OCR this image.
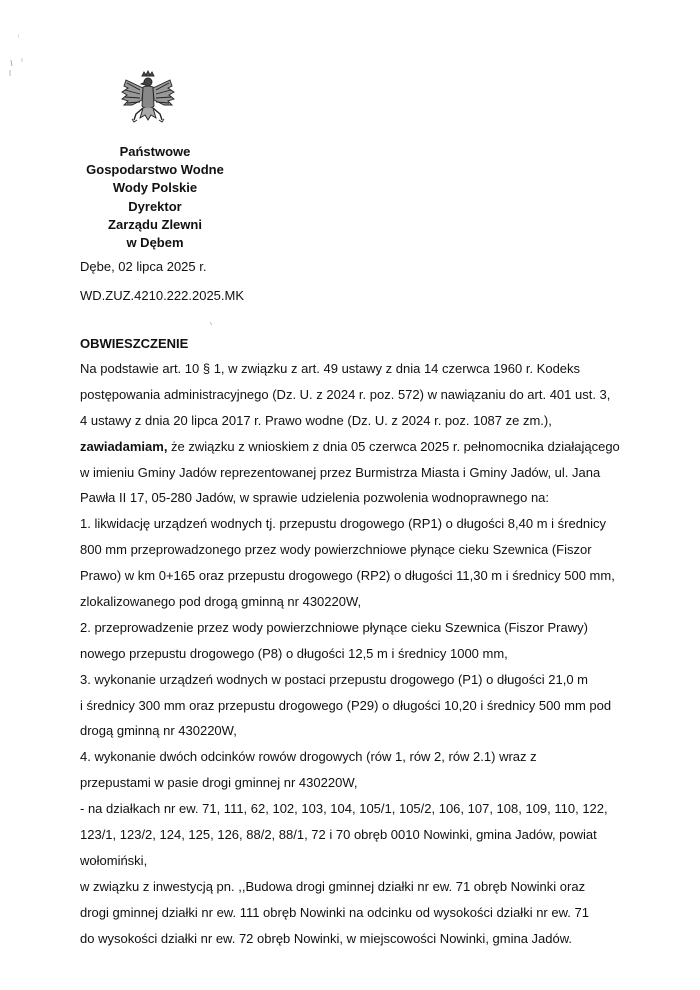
Państwowe
Gospodarstwo Wodne
Wody Polskie
Dyrektor
Zarządu Zlewni
w Dębem
Dębe, 02 lipca 2025 r.
WD.ZUZ.4210.222.2025.MK
OBWIESZCZENIE
Na podstawie art. 10 § 1, w związku z art. 49 ustawy z dnia 14 czerwca 1960 r. Kodeks
postępowania administracyjnego (Dz. U. z 2024 r. poz. 572) w nawiązaniu do art. 401 ust. 3,
4 ustawy z dnia 20 lipca 2017 r. Prawo wodne (Dz. U. z 2024 r. poz. 1087 ze zm.),
zawiadamiam, że związku z wnioskiem z dnia 05 czerwca 2025 r. pełnomocnika działającego
w imieniu Gminy Jadów reprezentowanej przez Burmistrza Miasta i Gminy Jadów, ul. Jana
Pawła II 17, 05-280 Jadów, w sprawie udzielenia pozwolenia wodnoprawnego na:
1. likwidację urządzeń wodnych tj. przepustu drogowego (RP1) o długości 8,40 m i średnicy
800 mm przeprowadzonego przez wody powierzchniowe płynące cieku Szewnica (Fiszor
Prawo) w km 0+165 oraz przepustu drogowego (RP2) o długości 11,30 m i średnicy 500 mm,
zlokalizowanego pod drogą gminną nr 430220W,
2. przeprowadzenie przez wody powierzchniowe płynące cieku Szewnica (Fiszor Prawy)
nowego przepustu drogowego (P8) o długości 12,5 m i średnicy 1000 mm,
3. wykonanie urządzeń wodnych w postaci przepustu drogowego (P1) o długości 21,0 m
i średnicy 300 mm oraz przepustu drogowego (P29) o długości 10,20 i średnicy 500 mm pod
drogą gminną nr 430220W,
4. wykonanie dwóch odcinków rowów drogowych (rów 1, rów 2, rów 2.1) wraz z
przepustami w pasie drogi gminnej nr 430220W,
- na działkach nr ew. 71, 111, 62, 102, 103, 104, 105/1, 105/2, 106, 107, 108, 109, 110, 122,
123/1, 123/2, 124, 125, 126, 88/2, 88/1, 72 i 70 obręb 0010 Nowinki, gmina Jadów, powiat
wołomiński,
w związku z inwestycją pn. ,,Budowa drogi gminnej działki nr ew. 71 obręb Nowinki oraz
drogi gminnej działki nr ew. 111 obręb Nowinki na odcinku od wysokości działki nr ew. 71
do wysokości działki nr ew. 72 obręb Nowinki, w miejscowości Nowinki, gmina Jadów.
